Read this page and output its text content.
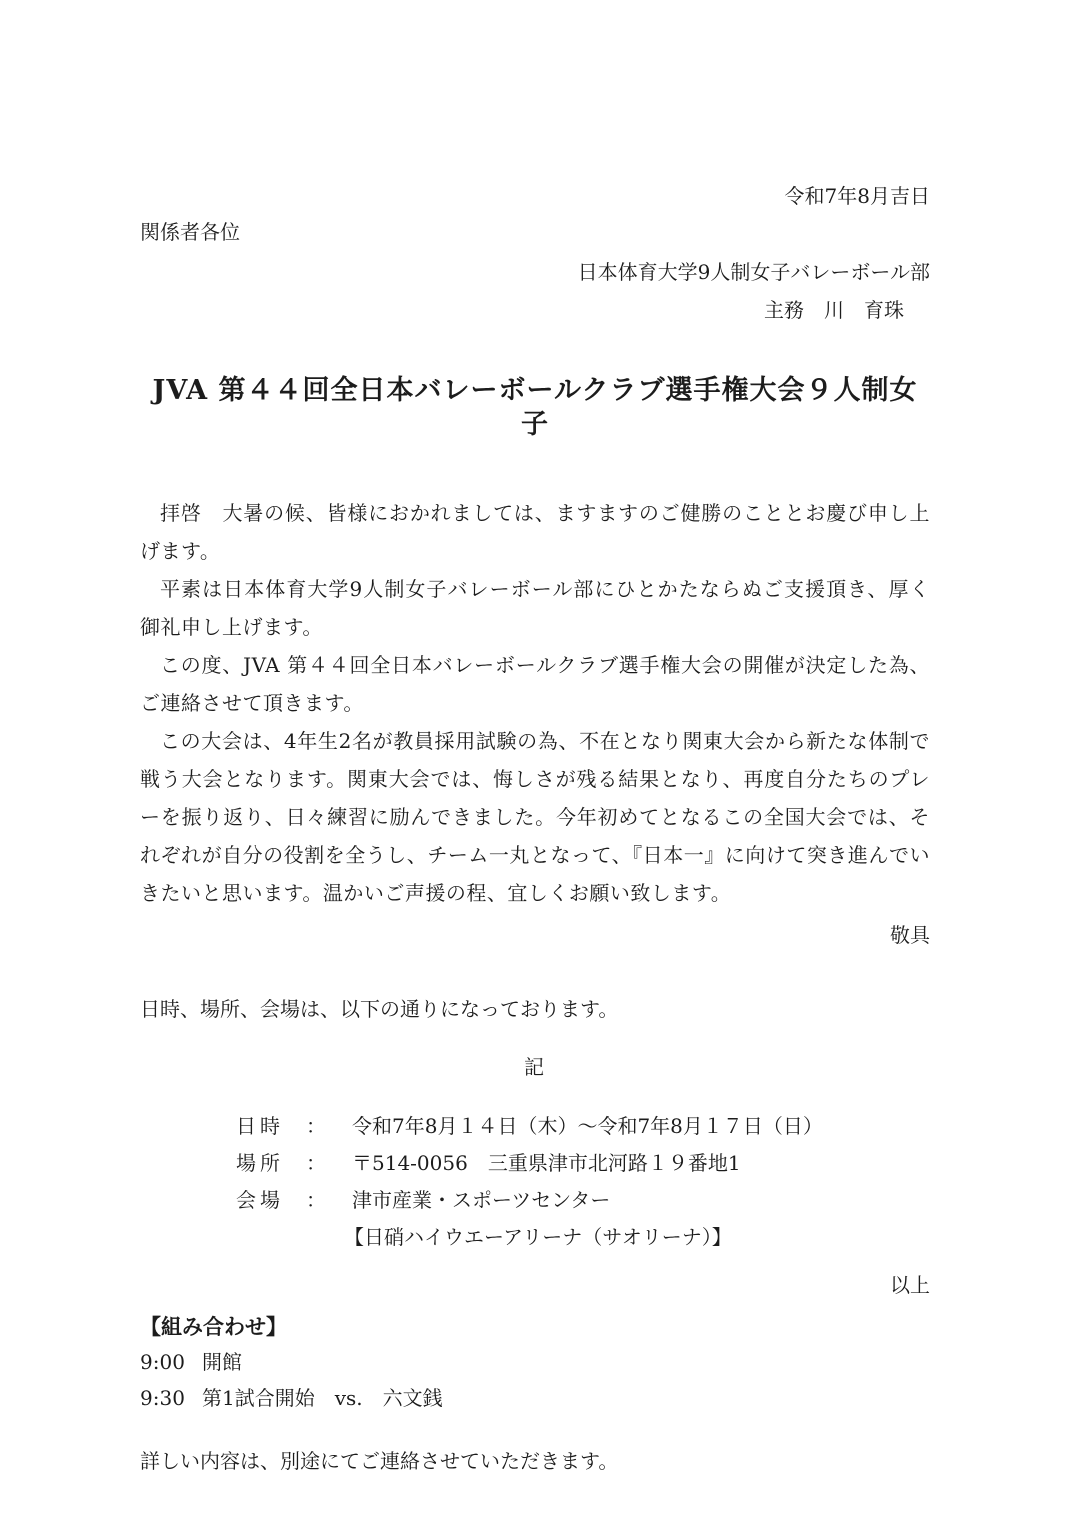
令和7年8月吉日
関係者各位
日本体育大学9人制女子バレーボール部
主務　川　育珠
JVA 第４４回全日本バレーボールクラブ選手権大会９人制女子

拝啓　大暑の候、皆様におかれましては、ますますのご健勝のこととお慶び申し上げます。

平素は日本体育大学9人制女子バレーボール部にひとかたならぬご支援頂き、厚く御礼申し上げます。

この度、JVA 第４４回全日本バレーボールクラブ選手権大会の開催が決定した為、ご連絡させて頂きます。

この大会は、4年生2名が教員採用試験の為、不在となり関東大会から新たな体制で戦う大会となります。関東大会では、悔しさが残る結果となり、再度自分たちのプレーを振り返り、日々練習に励んできました。今年初めてとなるこの全国大会では、それぞれが自分の役割を全うし、チーム一丸となって、『日本一』に向けて突き進んでいきたいと思います。温かいご声援の程、宜しくお願い致します。

敬具
日時、場所、会場は、以下の通りになっております。
記
日時 ： 令和7年8月１４日（木）～令和7年8月１７日（日）
場所 ： 〒514-0056　三重県津市北河路１９番地1
会場 ： 津市産業・スポーツセンター
【日硝ハイウエーアリーナ（サオリーナ）】
以上
【組み合わせ】
9:00 開館
9:30 第1試合開始　vs.　六文銭
詳しい内容は、別途にてご連絡させていただきます。
